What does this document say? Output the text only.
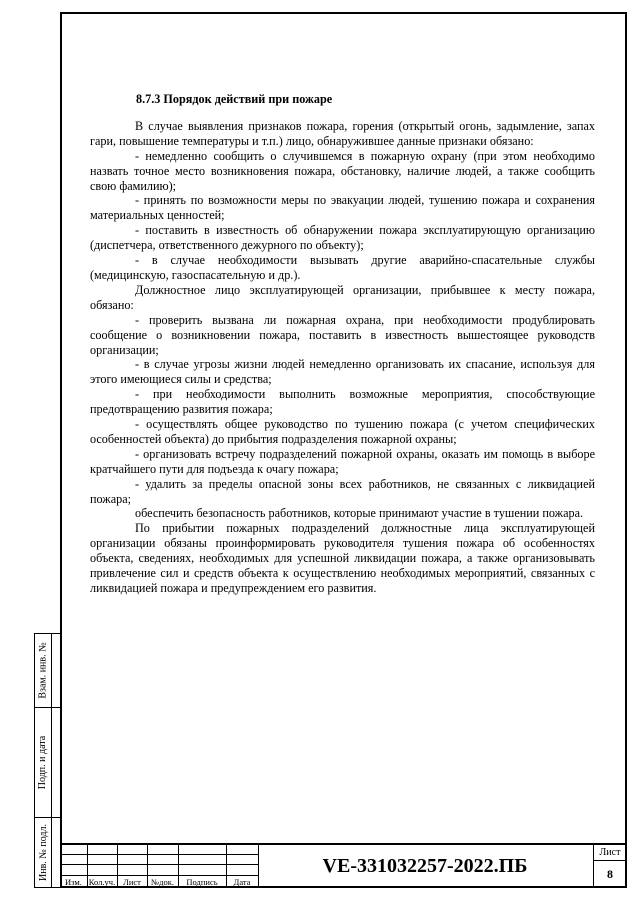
8.7.3 Порядок действий при пожаре

В случае выявления признаков пожара, горения (открытый огонь, задымление, запах гари, повышение температуры и т.п.) лицо, обнаружившее данные признаки обязано:

- немедленно сообщить о случившемся в пожарную охрану (при этом необходимо назвать точное место возникновения пожара, обстановку, наличие людей, а также сообщить свою фамилию);

- принять по возможности меры по эвакуации людей, тушению пожара и сохранения материальных ценностей;

- поставить в известность об обнаружении пожара эксплуатирующую организацию (диспетчера, ответственного дежурного по объекту);

- в случае необходимости вызывать другие аварийно-спасательные службы (медицинскую, газоспасательную и др.).

Должностное лицо эксплуатирующей организации, прибывшее к месту пожара, обязано:

- проверить вызвана ли пожарная охрана, при необходимости продублировать сообщение о возникновении пожара, поставить в известность вышестоящее руководств организации;

- в случае угрозы жизни людей немедленно организовать их спасание, используя для этого имеющиеся силы и средства;

- при необходимости выполнить возможные мероприятия, способствующие предотвращению развития пожара;

- осуществлять общее руководство по тушению пожара (с учетом специфических особенностей объекта) до прибытия подразделения пожарной охраны;

- организовать встречу подразделений пожарной охраны, оказать им помощь в выборе кратчайшего пути для подъезда к очагу пожара;

- удалить за пределы опасной зоны всех работников, не связанных с ликвидацией пожара;

обеспечить безопасность работников, которые принимают участие в тушении пожара.

По прибытии пожарных подразделений должностные лица эксплуатирующей организации обязаны проинформировать руководителя тушения пожара об особенностях объекта, сведениях, необходимых для успешной ликвидации пожара, а также организовывать привлечение сил и средств объекта к осуществлению необходимых мероприятий, связанных с ликвидацией пожара и предупреждением его развития.

Взам. инв. №
Подп. и дата
Инв. № подл.
Изм. Кол.уч. Лист	№док.	Подпись	Дата
VE-331032257-2022.ПБ
Лист
8
